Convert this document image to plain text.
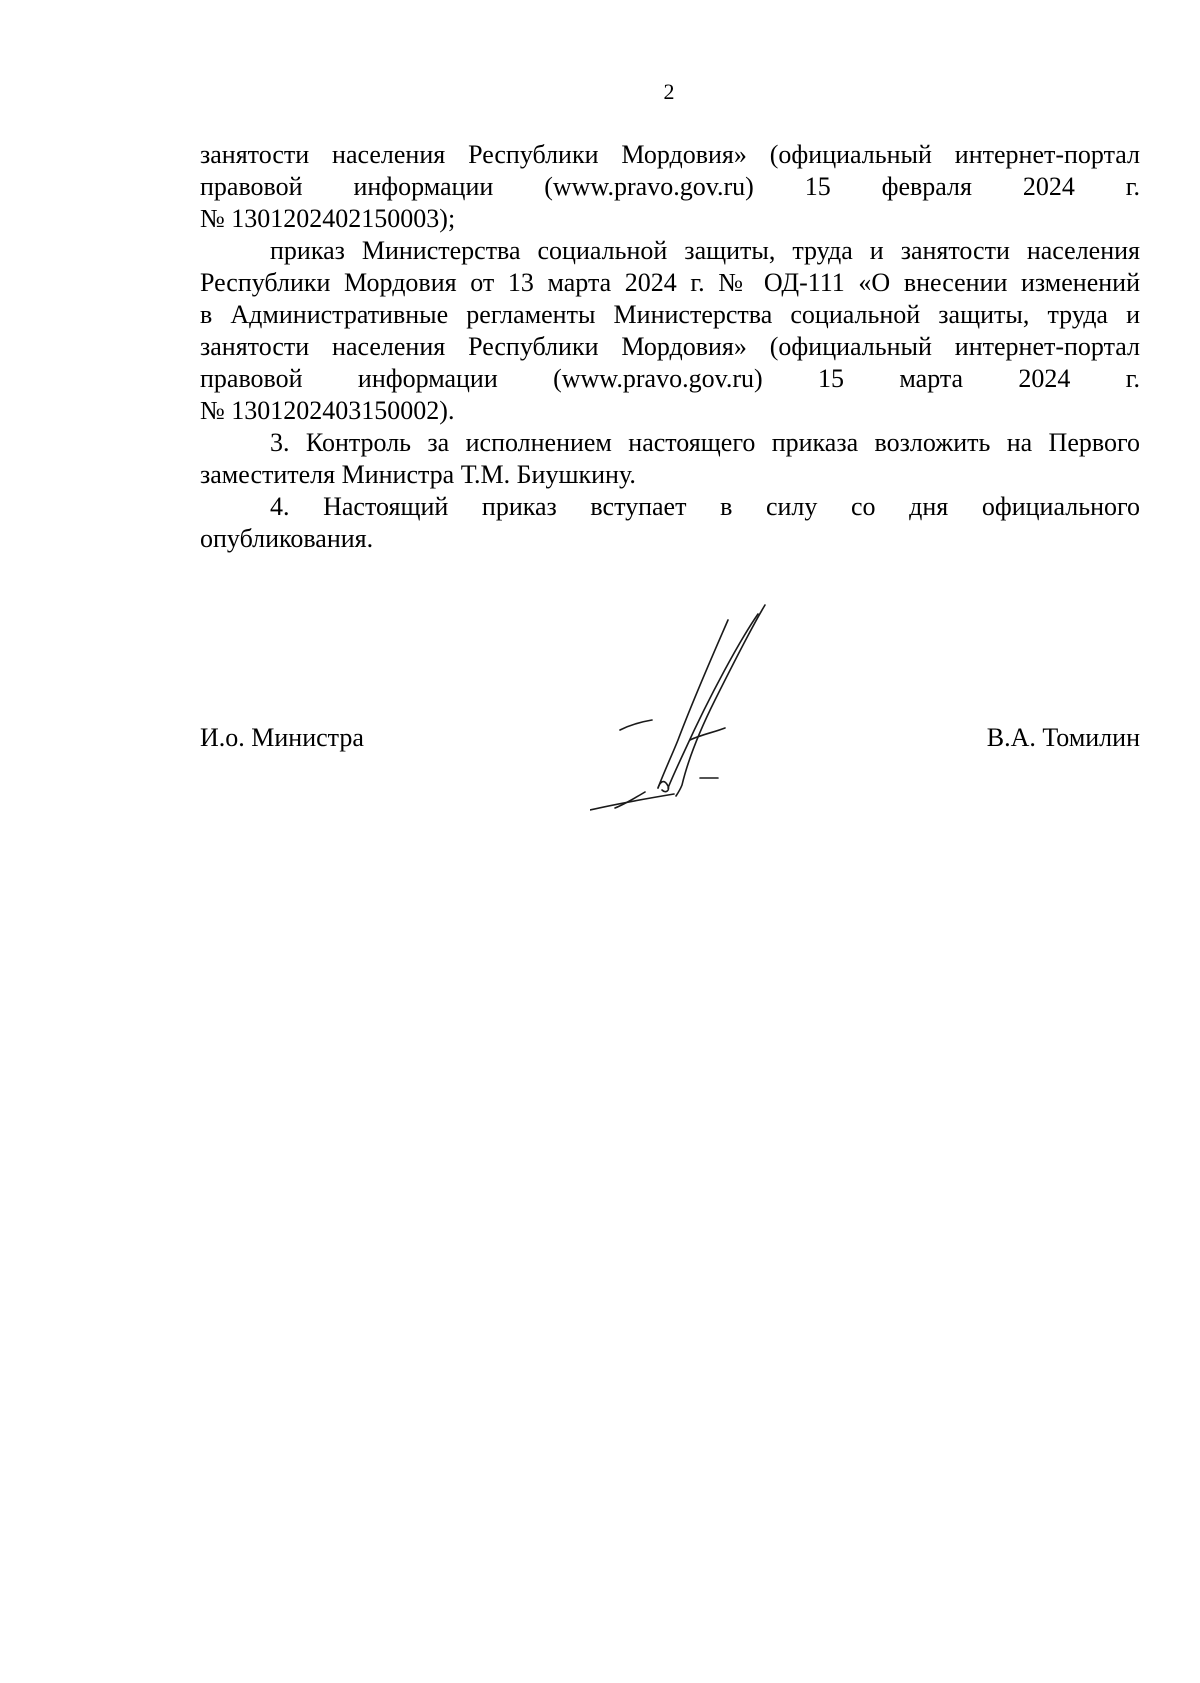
2

занятости населения Республики Мордовия» (официальный интернет-портал
правовой информации (www.pravo.gov.ru) 15 февраля 2024 г.
№ 1301202402150003);

приказ Министерства социальной защиты, труда и занятости населения
Республики Мордовия от 13 марта 2024 г. № ОД-111 «О внесении изменений
в Административные регламенты Министерства социальной защиты, труда и
занятости населения Республики Мордовия» (официальный интернет-портал
правовой информации (www.pravo.gov.ru) 15 марта 2024 г.
№ 1301202403150002).

3. Контроль за исполнением настоящего приказа возложить на Первого
заместителя Министра Т.М. Биушкину.

4. Настоящий приказ вступает в силу со дня официального
опубликования.

И.о. Министра	В.А. Томилин
